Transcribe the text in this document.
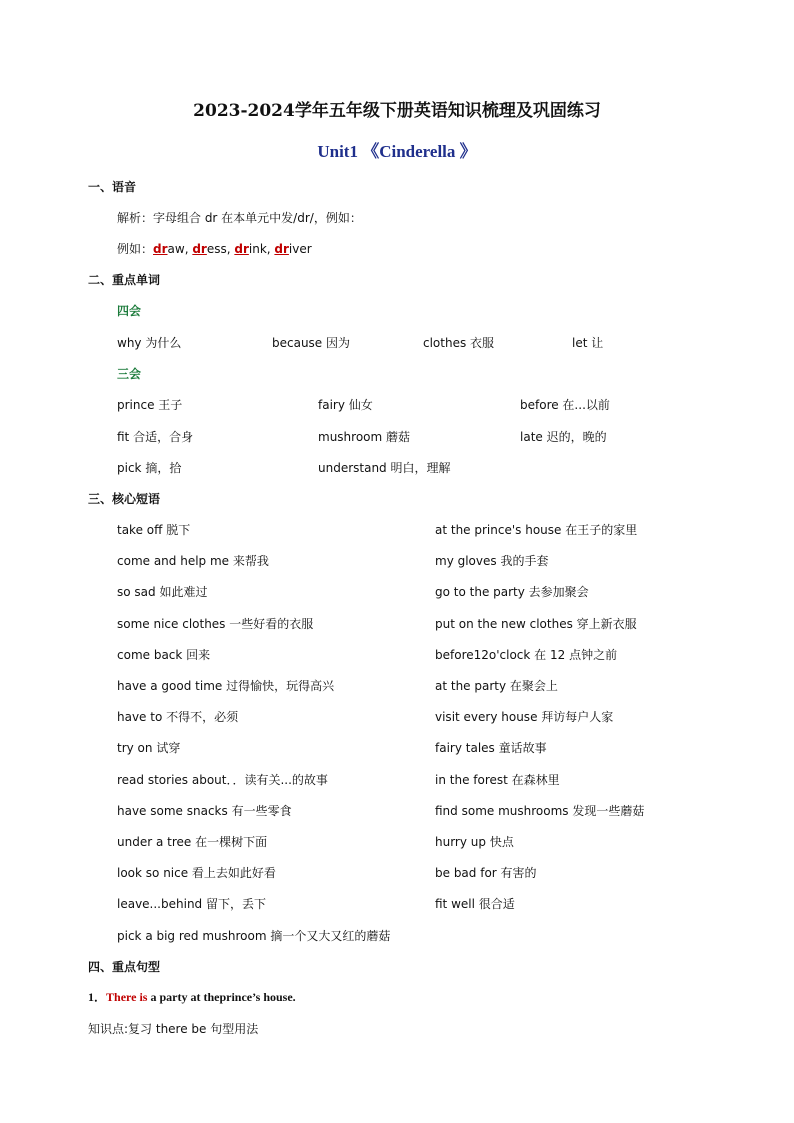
2023-2024学年五年级下册英语知识梳理及巩固练习
Unit1 《Cinderella 》
一、语音
解析：字母组合 dr 在本单元中发/dr/，例如：
例如：draw, dress, drink, driver
二、重点单词
四会
why 为什么	because 因为	clothes 衣服	let 让
三会
prince 王子	fairy 仙女	before 在...以前
fit 合适，合身	mushroom 蘑菇	late 迟的，晚的
pick 摘，拾	understand 明白，理解
三、核心短语
take off 脱下	at the prince's house 在王子的家里
come and help me 来帮我	my gloves 我的手套
so sad 如此难过	go to the party 去参加聚会
some nice clothes 一些好看的衣服	put on the new clothes 穿上新衣服
come back 回来	before12o'clock 在 12 点钟之前
have a good time 过得愉快，玩得高兴	at the party 在聚会上
have to 不得不，必须	visit every house 拜访每户人家
try on 试穿	fairy tales 童话故事
read stories about．．读有关...的故事	in the forest 在森林里
have some snacks 有一些零食	find some mushrooms 发现一些蘑菇
under a tree 在一棵树下面	hurry up 快点
look so nice 看上去如此好看	be bad for 有害的
leave...behind 留下，丢下	fit well 很合适
pick a big red mushroom 摘一个又大又红的蘑菇
四、重点句型
1．There is a party at theprince’s house.
知识点:复习 there be 句型用法
